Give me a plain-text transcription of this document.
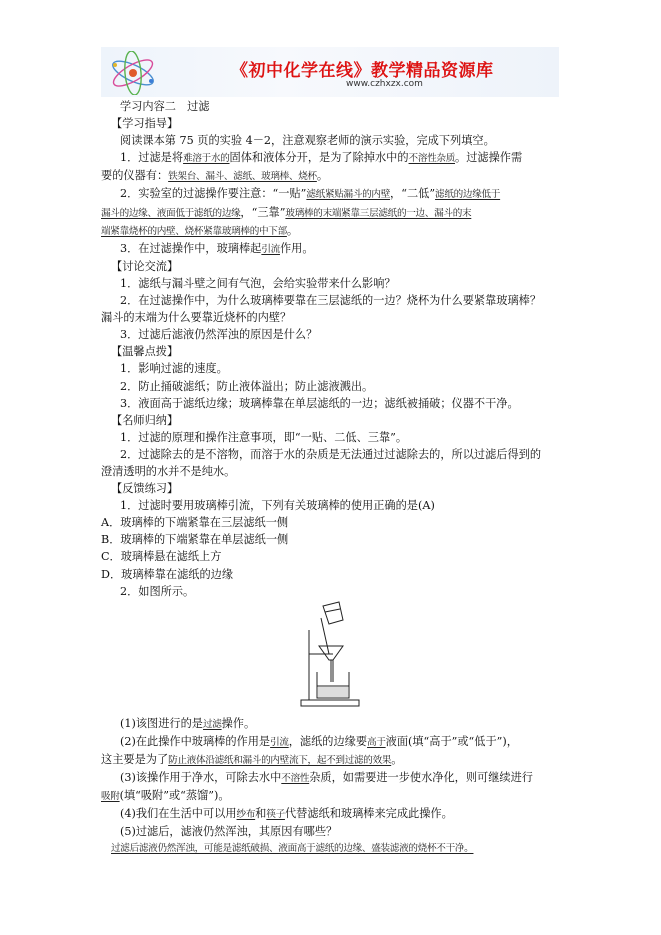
《初中化学在线》教学精品资源库
www.czhxzx.com
学习内容二　过滤
【学习指导】
阅读课本第 75 页的实验 4－2，注意观察老师的演示实验，完成下列填空。
1．过滤是将难溶于水的固体和液体分开，是为了除掉水中的不溶性杂质。过滤操作需
要的仪器有：铁架台、漏斗、滤纸、玻璃棒、烧杯。
2．实验室的过滤操作要注意：“一贴”滤纸紧贴漏斗的内壁，“二低”滤纸的边缘低于
漏斗的边缘、液面低于滤纸的边缘，“三靠”玻璃棒的末端紧靠三层滤纸的一边、漏斗的末
端紧靠烧杯的内壁、烧杯紧靠玻璃棒的中下部。
3．在过滤操作中，玻璃棒起引流作用。
【讨论交流】
1．滤纸与漏斗壁之间有气泡，会给实验带来什么影响？
2．在过滤操作中，为什么玻璃棒要靠在三层滤纸的一边？烧杯为什么要紧靠玻璃棒？
漏斗的末端为什么要靠近烧杯的内壁？
3．过滤后滤液仍然浑浊的原因是什么？
【温馨点拨】
1．影响过滤的速度。
2．防止捅破滤纸；防止液体溢出；防止滤液溅出。
3．液面高于滤纸边缘；玻璃棒靠在单层滤纸的一边；滤纸被捅破；仪器不干净。
【名师归纳】
1．过滤的原理和操作注意事项，即“一贴、二低、三靠”。
2．过滤除去的是不溶物，而溶于水的杂质是无法通过过滤除去的，所以过滤后得到的
澄清透明的水并不是纯水。
【反馈练习】
1．过滤时要用玻璃棒引流，下列有关玻璃棒的使用正确的是(A)
A．玻璃棒的下端紧靠在三层滤纸一侧
B．玻璃棒的下端紧靠在单层滤纸一侧
C．玻璃棒悬在滤纸上方
D．玻璃棒靠在滤纸的边缘
2．如图所示。
(1)该图进行的是过滤操作。
(2)在此操作中玻璃棒的作用是引流，滤纸的边缘要高于液面(填“高于”或“低于”)，
这主要是为了防止液体沿滤纸和漏斗的内壁流下，起不到过滤的效果。
(3)该操作用于净水，可除去水中不溶性杂质，如需要进一步使水净化，则可继续进行
吸附(填“吸附”或“蒸馏”)。
(4)我们在生活中可以用纱布和筷子代替滤纸和玻璃棒来完成此操作。
(5)过滤后，滤液仍然浑浊，其原因有哪些？
过滤后滤液仍然浑浊，可能是滤纸破损、液面高于滤纸的边缘、盛装滤液的烧杯不干净。
